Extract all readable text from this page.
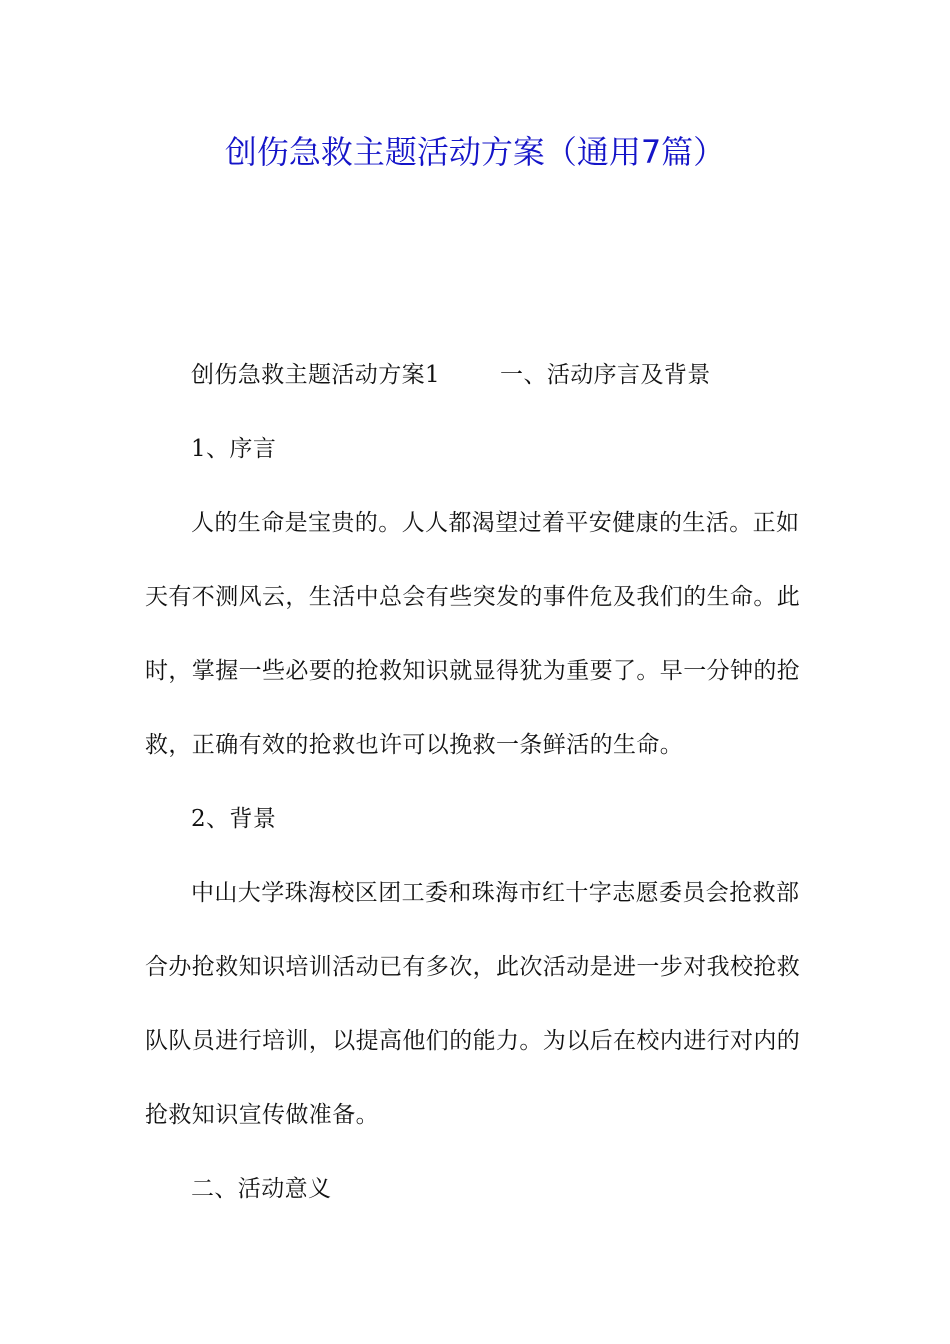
创伤急救主题活动方案（通用7篇）

创伤急救主题活动方案1	一、活动序言及背景

1、序言

人的生命是宝贵的。人人都渴望过着平安健康的生活。正如天有不测风云，生活中总会有些突发的事件危及我们的生命。此时，掌握一些必要的抢救知识就显得犹为重要了。早一分钟的抢救，正确有效的抢救也许可以挽救一条鲜活的生命。

2、背景

中山大学珠海校区团工委和珠海市红十字志愿委员会抢救部合办抢救知识培训活动已有多次，此次活动是进一步对我校抢救队队员进行培训，以提高他们的能力。为以后在校内进行对内的抢救知识宣传做准备。

二、活动意义
